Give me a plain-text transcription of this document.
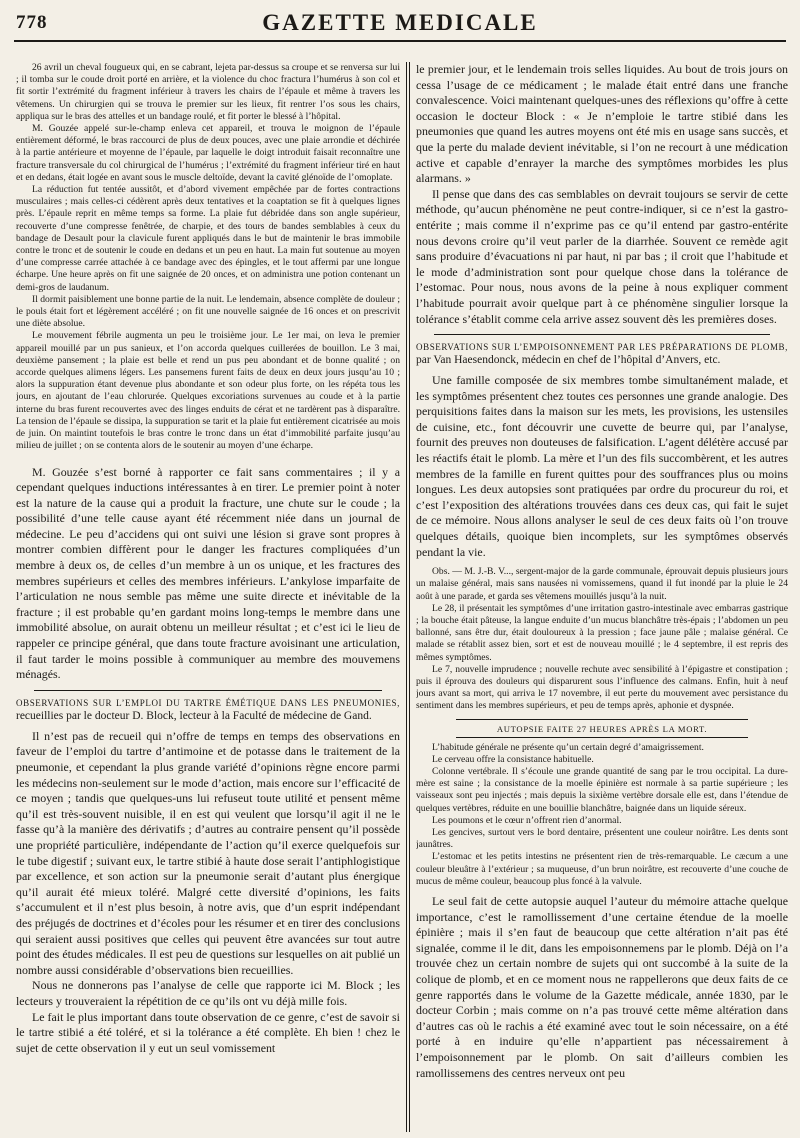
778	GAZETTE MEDICALE

26 avril un cheval fougueux qui, en se cabrant, lejeta par-dessus sa croupe et se renversa sur lui ; il tomba sur le coude droit porté en arrière, et la violence du choc fractura l’humérus à son col et fit sortir l’extrémité du fragment inférieur à travers les chairs de l’épaule et même à travers les vêtemens. Un chirurgien qui se trouva le premier sur les lieux, fit rentrer l’os sous les chairs, appliqua sur le bras des attelles et un bandage roulé, et fit porter le blessé à l’hôpital.

M. Gouzée appelé sur-le-champ enleva cet appareil, et trouva le moignon de l’épaule entièrement déformé, le bras raccourci de plus de deux pouces, avec une plaie arrondie et déchirée à la partie antérieure et moyenne de l’épaule, par laquelle le doigt introduit faisait reconnaître une fracture transversale du col chirurgical de l’humérus ; l’extrémité du fragment inférieur tiré en haut et en dedans, était logée en avant sous le muscle deltoïde, devant la cavité glénoïde de l’omoplate.

La réduction fut tentée aussitôt, et d’abord vivement empêchée par de fortes contractions musculaires ; mais celles-ci cédèrent après deux tentatives et la coaptation se fit à quelques lignes près. L’épaule reprit en même temps sa forme. La plaie fut débridée dans son angle supérieur, recouverte d’une compresse fenêtrée, de charpie, et des tours de bandes semblables à ceux du bandage de Desault pour la clavicule furent appliqués dans le but de maintenir le bras immobile contre le tronc et de soutenir le coude en dedans et un peu en haut. La main fut soutenue au moyen d’une compresse carrée attachée à ce bandage avec des épingles, et le tout affermi par une longue écharpe. Une heure après on fit une saignée de 20 onces, et on administra une potion contenant un demi-gros de laudanum.

Il dormit paisiblement une bonne partie de la nuit. Le lendemain, absence complète de douleur ; le pouls était fort et légèrement accéléré ; on fit une nouvelle saignée de 16 onces et on prescrivit une diète absolue.

Le mouvement fébrile augmenta un peu le troisième jour. Le 1er mai, on leva le premier appareil mouillé par un pus sanieux, et l’on accorda quelques cuillerées de bouillon. Le 3 mai, deuxième pansement ; la plaie est belle et rend un pus peu abondant et de bonne qualité ; on accorde quelques alimens légers. Les pansemens furent faits de deux en deux jours jusqu’au 10 ; alors la suppuration étant devenue plus abondante et son odeur plus forte, on les répéta tous les jours, en ajoutant de l’eau chlorurée. Quelques excoriations survenues au coude et à la partie interne du bras furent recouvertes avec des linges enduits de cérat et ne tardèrent pas à disparaître. La tension de l’épaule se dissipa, la suppuration se tarit et la plaie fut entièrement cicatrisée au mois de juin. On maintint toutefois le bras contre le tronc dans un état d’immobilité parfaite jusqu’au milieu de juillet ; on se contenta alors de le soutenir au moyen d’une écharpe.

M. Gouzée s’est borné à rapporter ce fait sans commentaires ; il y a cependant quelques inductions intéressantes à en tirer. Le premier point à noter est la nature de la cause qui a produit la fracture, une chute sur le coude ; la possibilité d’une telle cause ayant été récemment niée dans un journal de médecine. Le peu d’accidens qui ont suivi une lésion si grave sont propres à montrer combien diffèrent pour le danger les fractures compliquées d’un membre à deux os, de celles d’un membre à un os unique, et les fractures des membres supérieurs et celles des membres inférieurs. L’ankylose imparfaite de l’articulation ne nous semble pas même une suite directe et inévitable de la fracture ; il est probable qu’en gardant moins long-temps le membre dans une immobilité absolue, on aurait obtenu un meilleur résultat ; et c’est ici le lieu de rappeler ce principe général, que dans toute fracture avoisinant une articulation, il faut tarder le moins possible à communiquer au membre des mouvemens ménagés.

OBSERVATIONS SUR L’EMPLOI DU TARTRE ÉMÉTIQUE DANS LES PNEUMONIES, recueillies par le docteur D. Block, lecteur à la Faculté de médecine de Gand.

Il n’est pas de recueil qui n’offre de temps en temps des observations en faveur de l’emploi du tartre d’antimoine et de potasse dans le traitement de la pneumonie, et cependant la plus grande variété d’opinions règne encore parmi les médecins non-seulement sur le mode d’action, mais encore sur l’efficacité de ce moyen ; tandis que quelques-uns lui refuseut toute utilité et pensent même qu’il est très-souvent nuisible, il en est qui veulent que lorsqu’il agit il ne le fasse qu’à la manière des dérivatifs ; d’autres au contraire pensent qu’il possède une propriété particulière, indépendante de l’action qu’il exerce quelquefois sur le tube digestif ; suivant eux, le tartre stibié à haute dose serait l’antiphlogistique par excellence, et son action sur la pneumonie serait d’autant plus énergique qu’il aurait été mieux toléré. Malgré cette diversité d’opinions, les faits s’accumulent et il n’est plus besoin, à notre avis, que d’un esprit indépendant des préjugés de doctrines et d’écoles pour les résumer et en tirer des conclusions qui seraient aussi positives que celles qui peuvent être avancées sur tout autre point des études médicales. Il est peu de questions sur lesquelles on ait publié un nombre aussi considérable d’observations bien recueillies.

Nous ne donnerons pas l’analyse de celle que rapporte ici M. Block ; les lecteurs y trouveraient la répétition de ce qu’ils ont vu déjà mille fois.

Le fait le plus important dans toute observation de ce genre, c’est de savoir si le tartre stibié a été toléré, et si la tolérance a été complète. Eh bien ! chez le sujet de cette observation il y eut un seul vomissement

le premier jour, et le lendemain trois selles liquides. Au bout de trois jours on cessa l’usage de ce médicament ; le malade était entré dans une franche convalescence. Voici maintenant quelques-unes des réflexions qu’offre à cette occasion le docteur Block : « Je n’emploie le tartre stibié dans les pneumonies que quand les autres moyens ont été mis en usage sans succès, et que la perte du malade devient inévitable, si l’on ne recourt à une médication active et capable d’enrayer la marche des symptômes morbides les plus alarmans. »

Il pense que dans des cas semblables on devrait toujours se servir de cette méthode, qu’aucun phénomène ne peut contre-indiquer, si ce n’est la gastro-entérite ; mais comme il n’exprime pas ce qu’il entend par gastro-entérite nous devons croire qu’il veut parler de la diarrhée. Souvent ce remède agit sans produire d’évacuations ni par haut, ni par bas ; il croit que l’habitude et le mode d’administration sont pour quelque chose dans la tolérance de l’estomac. Pour nous, nous avons de la peine à nous expliquer comment l’habitude pourrait avoir quelque part à ce phénomène singulier lorsque la tolérance s’établit comme cela arrive assez souvent dès les premières doses.

OBSERVATIONS SUR L’EMPOISONNEMENT PAR LES PRÉPARATIONS DE PLOMB, par Van Haesendonck, médecin en chef de l’hôpital d’Anvers, etc.

Une famille composée de six membres tombe simultanément malade, et les symptômes présentent chez toutes ces personnes une grande analogie. Des perquisitions faites dans la maison sur les mets, les provisions, les ustensiles de cuisine, etc., font découvrir une cuvette de beurre qui, par l’analyse, fournit des preuves non douteuses de falsification. L’agent délétère accusé par les réactifs était le plomb. La mère et l’un des fils succombèrent, et les autres membres de la famille en furent quittes pour des souffrances plus ou moins longues. Les deux autopsies sont pratiquées par ordre du procureur du roi, et c’est l’exposition des altérations trouvées dans ces deux cas, qui fait le sujet de ce mémoire. Nous allons analyser le seul de ces deux faits où l’on trouve quelques détails, quoique bien incomplets, sur les symptômes observés pendant la vie.

Obs. — M. J.-B. V..., sergent-major de la garde communale, éprouvait depuis plusieurs jours un malaise général, mais sans nausées ni vomissemens, quand il fut inondé par la pluie le 24 août à une parade, et garda ses vêtemens mouillés jusqu’à la nuit.

Le 28, il présentait les symptômes d’une irritation gastro-intestinale avec embarras gastrique ; la bouche était pâteuse, la langue enduite d’un mucus blanchâtre très-épais ; l’abdomen un peu ballonné, sans être dur, était douloureux à la pression ; face jaune pâle ; malaise général. Ce malade se rétablit assez bien, sort et est de nouveau mouillé ; le 4 septembre, il est repris des mêmes symptômes.

Le 7, nouvelle imprudence ; nouvelle rechute avec sensibilité à l’épigastre et constipation ; puis il éprouva des douleurs qui disparurent sous l’influence des calmans. Enfin, huit à neuf jours avant sa mort, qui arriva le 17 novembre, il eut perte du mouvement avec persistance du sentiment dans les membres supérieurs, et peu de temps après, aphonie et dyspnée.

AUTOPSIE FAITE 27 HEURES APRÈS LA MORT.

L’habitude générale ne présente qu’un certain degré d’amaigrissement.

Le cerveau offre la consistance habituelle.

Colonne vertébrale. Il s’écoule une grande quantité de sang par le trou occipital. La dure-mère est saine ; la consistance de la moelle épinière est normale à sa partie supérieure ; les vaisseaux sont peu injectés ; mais depuis la sixième vertèbre dorsale elle est, dans l’étendue de quelques vertèbres, réduite en une bouillie blanchâtre, baignée dans un liquide séreux.

Les poumons et le cœur n’offrent rien d’anormal.

Les gencives, surtout vers le bord dentaire, présentent une couleur noirâtre. Les dents sont jaunâtres.

L’estomac et les petits intestins ne présentent rien de très-remarquable. Le cæcum a une couleur bleuâtre à l’extérieur ; sa muqueuse, d’un brun noirâtre, est recouverte d’une couche de mucus de même couleur, beaucoup plus foncé à la valvule.

Le seul fait de cette autopsie auquel l’auteur du mémoire attache quelque importance, c’est le ramollissement d’une certaine étendue de la moelle épinière ; mais il s’en faut de beaucoup que cette altération n’ait pas été signalée, comme il le dit, dans les empoisonnemens par le plomb. Déjà on l’a trouvée chez un certain nombre de sujets qui ont succombé à la suite de la colique de plomb, et en ce moment nous ne rappellerons que deux faits de ce genre rapportés dans le volume de la Gazette médicale, année 1830, par le docteur Corbin ; mais comme on n’a pas trouvé cette même altération dans d’autres cas où le rachis a été examiné avec tout le soin nécessaire, on a été porté à en induire qu’elle n’appartient pas nécessairement à l’empoisonnement par le plomb. On sait d’ailleurs combien les ramollissemens des centres nerveux ont peu
